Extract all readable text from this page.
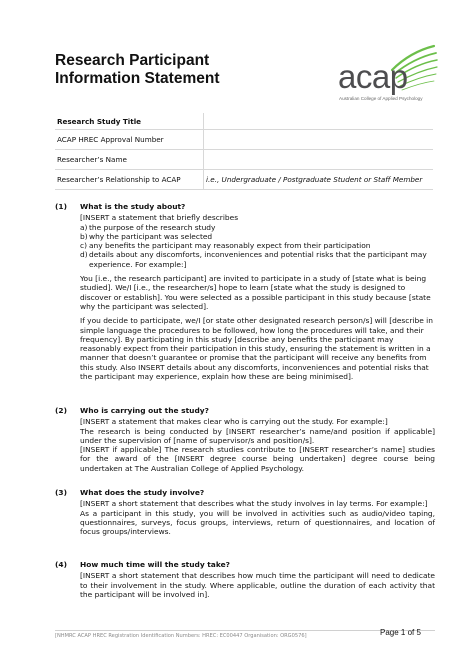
Research Participant
Information Statement	acap
Australian College of Applied Psychology
Research Study Title	
ACAP HREC Approval Number	
Researcher’s Name	
Researcher’s Relationship to ACAP	i.e., Undergraduate / Postgraduate Student or Staff Member
(1) What is the study about?

[INSERT a statement that briefly describes

a) the purpose of the research study
b) why the participant was selected
c) any benefits the participant may reasonably expect from their participation
d) details about any discomforts, inconveniences and potential risks that the participant may experience. For example:]

You [i.e., the research participant] are invited to participate in a study of [state what is being studied]. We/I [i.e., the researcher/s] hope to learn [state what the study is designed to discover or establish]. You were selected as a possible participant in this study because [state why the participant was selected].

If you decide to participate, we/I [or state other designated research person/s] will [describe in simple language the procedures to be followed, how long the procedures will take, and their frequency]. By participating in this study [describe any benefits the participant may reasonably expect from their participation in this study, ensuring the statement is written in a manner that doesn’t guarantee or promise that the participant will receive any benefits from this study. Also INSERT details about any discomforts, inconveniences and potential risks that the participant may experience, explain how these are being minimised].

(2) Who is carrying out the study?

[INSERT a statement that makes clear who is carrying out the study. For example:]

The research is being conducted by [INSERT researcher’s name/and position if applicable] under the supervision of [name of supervisor/s and position/s].

[INSERT if applicable] The research studies contribute to [INSERT researcher’s name] studies for the award of the [INSERT degree course being undertaken] degree course being undertaken at The Australian College of Applied Psychology.

(3) What does the study involve?

[INSERT a short statement that describes what the study involves in lay terms. For example:]

As a participant in this study, you will be involved in activities such as audio/video taping, questionnaires, surveys, focus groups, interviews, return of questionnaires, and location of focus groups/interviews.

(4) How much time will the study take?

[INSERT a short statement that describes how much time the participant will need to dedicate to their involvement in the study. Where applicable, outline the duration of each activity that the participant will be involved in].

[NHMRC ACAP HREC Registration Identification Numbers: HREC: EC00447 Organisation: ORG0576]	Page 1 of 5
